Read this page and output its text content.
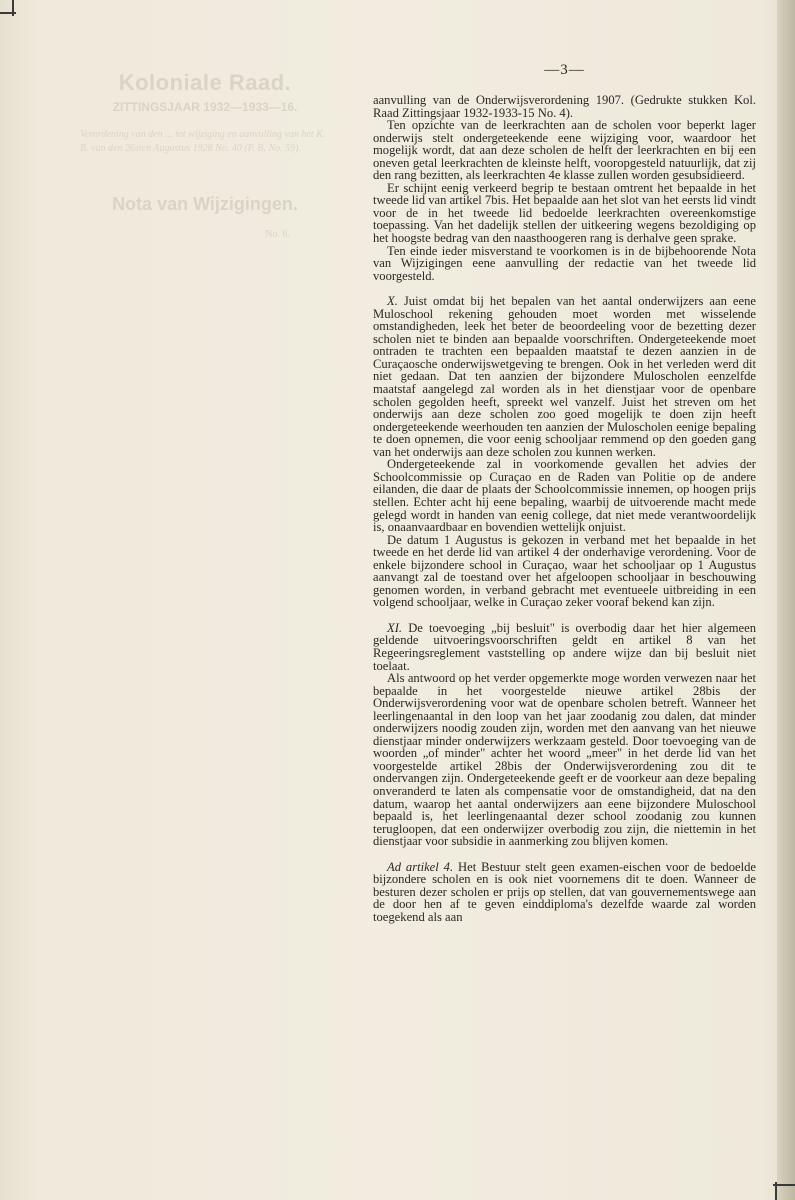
Koloniale Raad.
ZITTINGSJAAR 1932—1933—16.
Verordening van den ... tot wijziging en aanvulling van het K. B. van den 26sten Augustus 1928 No. 40 (P. B. No. 59).
Nota van Wijzigingen.
No. 6.
—3—

aanvulling van de Onderwijsverordening 1907. (Gedrukte stukken Kol. Raad Zittingsjaar 1932-1933-15 No. 4).

Ten opzichte van de leerkrachten aan de scholen voor beperkt lager onderwijs stelt ondergeteekende eene wijziging voor, waardoor het mogelijk wordt, dat aan deze scholen de helft der leerkrachten en bij een oneven getal leerkrachten de kleinste helft, vooropgesteld natuurlijk, dat zij den rang bezitten, als leerkrachten 4e klasse zullen worden gesubsidieerd.

Er schijnt eenig verkeerd begrip te bestaan omtrent het bepaalde in het tweede lid van artikel 7bis. Het bepaalde aan het slot van het eersts lid vindt voor de in het tweede lid bedoelde leerkrachten overeenkomstige toepassing. Van het dadelijk stellen der uitkeering wegens bezoldiging op het hoogste bedrag van den naasthoogeren rang is derhalve geen sprake.

Ten einde ieder misverstand te voorkomen is in de bijbehoorende Nota van Wijzigingen eene aanvulling der redactie van het tweede lid voorgesteld.

X. Juist omdat bij het bepalen van het aantal onderwijzers aan eene Muloschool rekening gehouden moet worden met wisselende omstandigheden, leek het beter de beoordeeling voor de bezetting dezer scholen niet te binden aan bepaalde voorschriften. Ondergeteekende moet ontraden te trachten een bepaalden maatstaf te dezen aanzien in de Curaçaosche onderwijswetgeving te brengen. Ook in het verleden werd dit niet gedaan. Dat ten aanzien der bijzondere Muloscholen eenzelfde maatstaf aangelegd zal worden als in het dienstjaar voor de openbare scholen gegolden heeft, spreekt wel vanzelf. Juist het streven om het onderwijs aan deze scholen zoo goed mogelijk te doen zijn heeft ondergeteekende weerhouden ten aanzien der Muloscholen eenige bepaling te doen opnemen, die voor eenig schooljaar remmend op den goeden gang van het onderwijs aan deze scholen zou kunnen werken.

Ondergeteekende zal in voorkomende gevallen het advies der Schoolcommissie op Curaçao en de Raden van Politie op de andere eilanden, die daar de plaats der Schoolcommissie innemen, op hoogen prijs stellen. Echter acht hij eene bepaling, waarbij de uitvoerende macht mede gelegd wordt in handen van eenig college, dat niet mede verantwoordelijk is, onaanvaardbaar en bovendien wettelijk onjuist.

De datum 1 Augustus is gekozen in verband met het bepaalde in het tweede en het derde lid van artikel 4 der onderhavige verordening. Voor de enkele bijzondere school in Curaçao, waar het schooljaar op 1 Augustus aanvangt zal de toestand over het afgeloopen schooljaar in beschouwing genomen worden, in verband gebracht met eventueele uitbreiding in een volgend schooljaar, welke in Curaçao zeker vooraf bekend kan zijn.

XI. De toevoeging „bij besluit" is overbodig daar het hier algemeen geldende uitvoeringsvoorschriften geldt en artikel 8 van het Regeeringsreglement vaststelling op andere wijze dan bij besluit niet toelaat.

Als antwoord op het verder opgemerkte moge worden verwezen naar het bepaalde in het voorgestelde nieuwe artikel 28bis der Onderwijsverordening voor wat de openbare scholen betreft. Wanneer het leerlingenaantal in den loop van het jaar zoodanig zou dalen, dat minder onderwijzers noodig zouden zijn, worden met den aanvang van het nieuwe dienstjaar minder onderwijzers werkzaam gesteld. Door toevoeging van de woorden „of minder" achter het woord „meer" in het derde lid van het voorgestelde artikel 28bis der Onderwijsverordening zou dit te ondervangen zijn. Ondergeteekende geeft er de voorkeur aan deze bepaling onveranderd te laten als compensatie voor de omstandigheid, dat na den datum, waarop het aantal onderwijzers aan eene bijzondere Muloschool bepaald is, het leerlingenaantal dezer school zoodanig zou kunnen terugloopen, dat een onderwijzer overbodig zou zijn, die niettemin in het dienstjaar voor subsidie in aanmerking zou blijven komen.

Ad artikel 4. Het Bestuur stelt geen examen-eischen voor de bedoelde bijzondere scholen en is ook niet voornemens dit te doen. Wanneer de besturen dezer scholen er prijs op stellen, dat van gouvernementswege aan de door hen af te geven einddiploma's dezelfde waarde zal worden toegekend als aan
